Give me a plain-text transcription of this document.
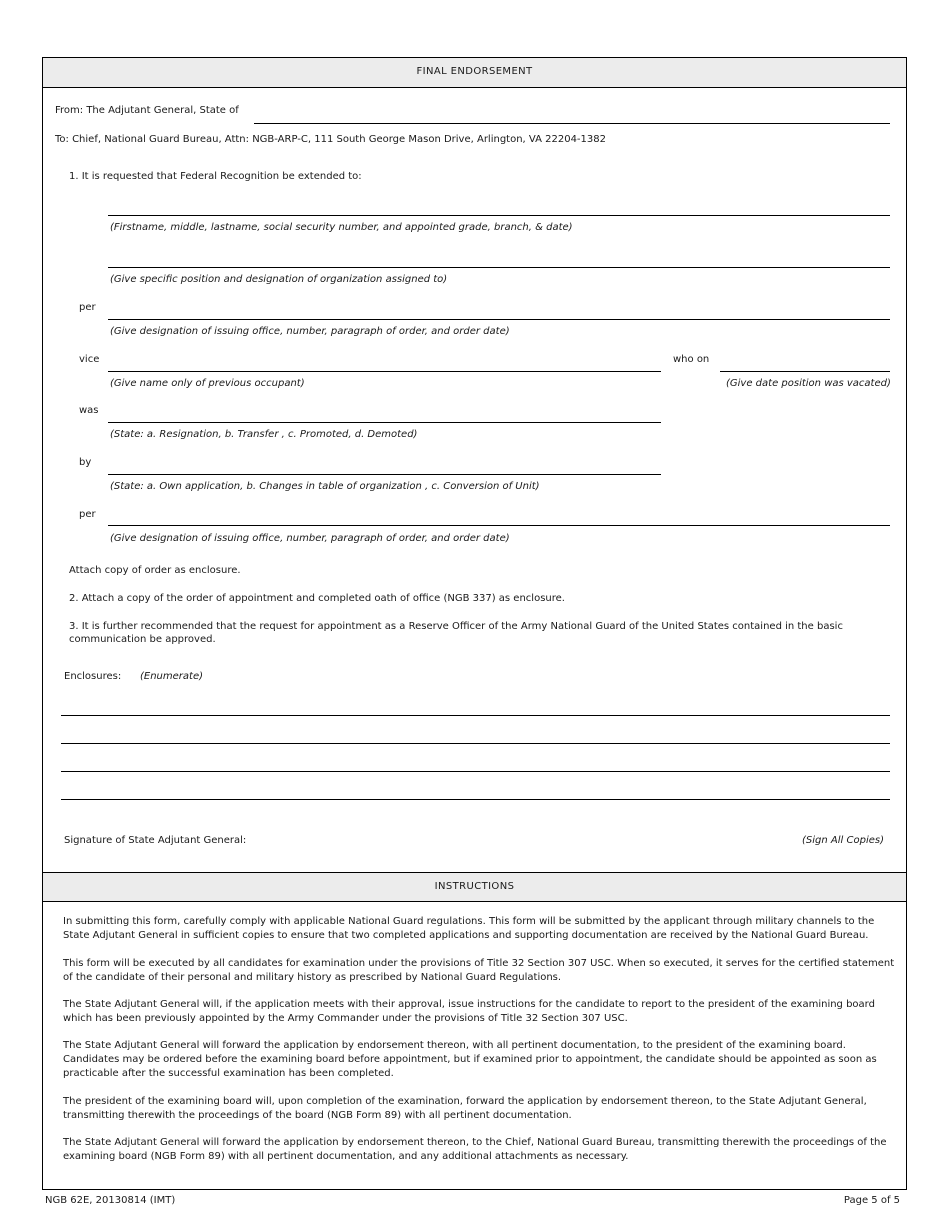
FINAL ENDORSEMENT
From: The Adjutant General, State of
To: Chief, National Guard Bureau, Attn: NGB-ARP-C, 111 South George Mason Drive, Arlington, VA 22204-1382
1. It is requested that Federal Recognition be extended to:
(Firstname, middle, lastname, social security number, and appointed grade, branch, & date)
(Give specific position and designation of organization assigned to)
per
(Give designation of issuing office, number, paragraph of order, and order date)
vice	who on
(Give name only of previous occupant)	(Give date position was vacated)
was
(State: a. Resignation, b. Transfer , c. Promoted, d. Demoted)
by
(State: a. Own application, b. Changes in table of organization , c. Conversion of Unit)
per
(Give designation of issuing office, number, paragraph of order, and order date)
Attach copy of order as enclosure.
2. Attach a copy of the order of appointment and completed oath of office (NGB 337) as enclosure.
3. It is further recommended that the request for appointment as a Reserve Officer of the Army National Guard of the United States contained in the basic communication be approved.
Enclosures: (Enumerate)
Signature of State Adjutant General:	(Sign All Copies)
INSTRUCTIONS
In submitting this form, carefully comply with applicable National Guard regulations. This form will be submitted by the applicant through military channels to the State Adjutant General in sufficient copies to ensure that two completed applications and supporting documentation are received by the National Guard Bureau.
This form will be executed by all candidates for examination under the provisions of Title 32 Section 307 USC. When so executed, it serves for the certified statement of the candidate of their personal and military history as prescribed by National Guard Regulations.
The State Adjutant General will, if the application meets with their approval, issue instructions for the candidate to report to the president of the examining board which has been previously appointed by the Army Commander under the provisions of Title 32 Section 307 USC.
The State Adjutant General will forward the application by endorsement thereon, with all pertinent documentation, to the president of the examining board. Candidates may be ordered before the examining board before appointment, but if examined prior to appointment, the candidate should be appointed as soon as practicable after the successful examination has been completed.
The president of the examining board will, upon completion of the examination, forward the application by endorsement thereon, to the State Adjutant General, transmitting therewith the proceedings of the board (NGB Form 89) with all pertinent documentation.
The State Adjutant General will forward the application by endorsement thereon, to the Chief, National Guard Bureau, transmitting therewith the proceedings of the examining board (NGB Form 89) with all pertinent documentation, and any additional attachments as necessary.
NGB 62E, 20130814 (IMT)	Page 5 of 5
